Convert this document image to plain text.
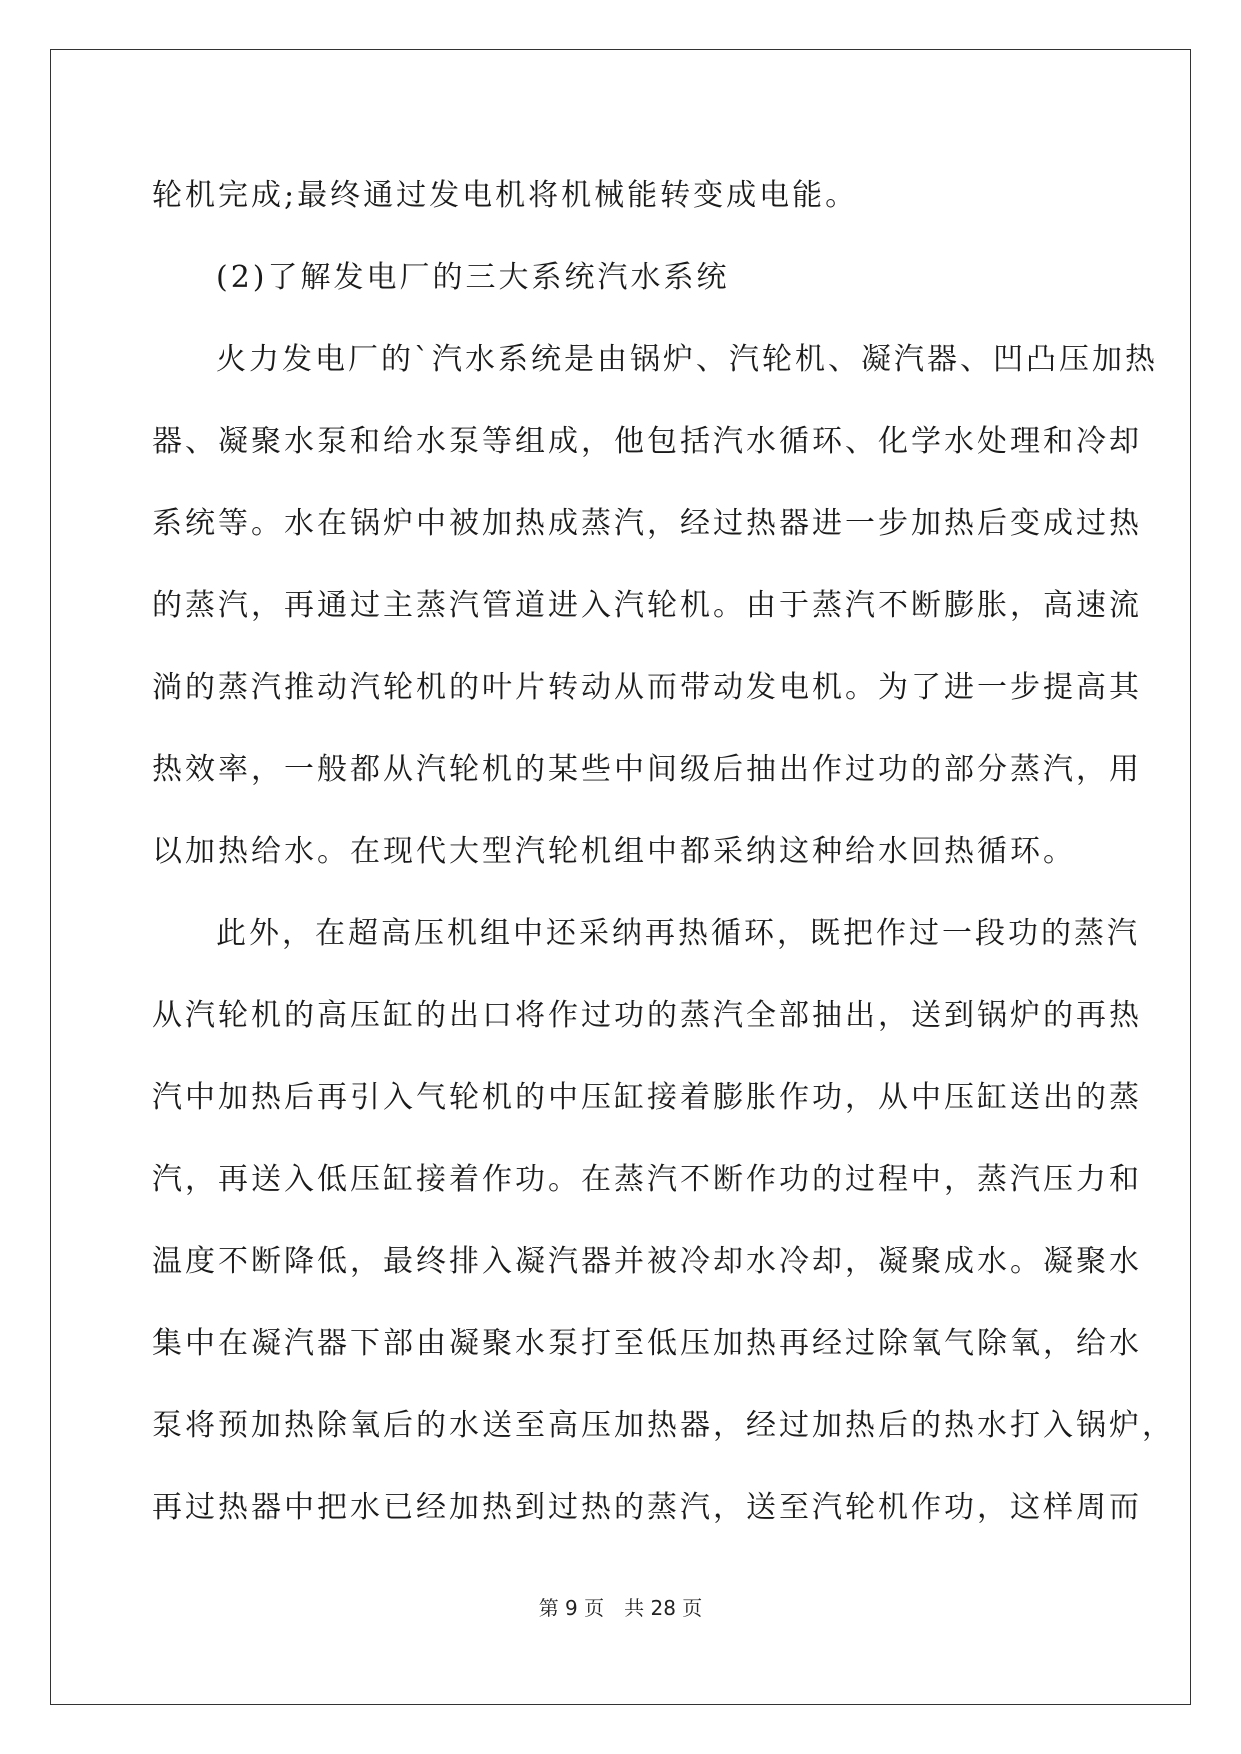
轮机完成;最终通过发电机将机械能转变成电能。
(2)了解发电厂的三大系统汽水系统
火力发电厂的`汽水系统是由锅炉、汽轮机、凝汽器、凹凸压加热
器、凝聚水泵和给水泵等组成，他包括汽水循环、化学水处理和冷却
系统等。水在锅炉中被加热成蒸汽，经过热器进一步加热后变成过热
的蒸汽，再通过主蒸汽管道进入汽轮机。由于蒸汽不断膨胀，高速流
淌的蒸汽推动汽轮机的叶片转动从而带动发电机。为了进一步提高其
热效率，一般都从汽轮机的某些中间级后抽出作过功的部分蒸汽，用
以加热给水。在现代大型汽轮机组中都采纳这种给水回热循环。
此外，在超高压机组中还采纳再热循环，既把作过一段功的蒸汽
从汽轮机的高压缸的出口将作过功的蒸汽全部抽出，送到锅炉的再热
汽中加热后再引入气轮机的中压缸接着膨胀作功，从中压缸送出的蒸
汽，再送入低压缸接着作功。在蒸汽不断作功的过程中，蒸汽压力和
温度不断降低，最终排入凝汽器并被冷却水冷却，凝聚成水。凝聚水
集中在凝汽器下部由凝聚水泵打至低压加热再经过除氧气除氧，给水
泵将预加热除氧后的水送至高压加热器，经过加热后的热水打入锅炉，
再过热器中把水已经加热到过热的蒸汽，送至汽轮机作功，这样周而
第 9 页　共 28 页
